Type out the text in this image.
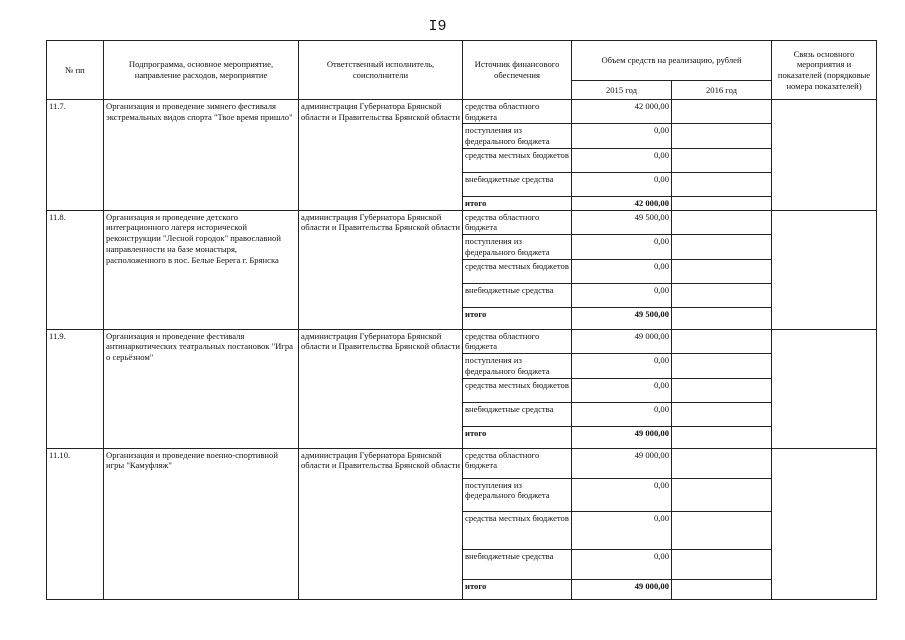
I9
№ пп	Подпрограмма, основное мероприятие, направление расходов, мероприятие	Ответственный исполнитель, соисполнители	Источник финансового обеспечения	Объем средств на реализацию, рублей		Связь основного мероприятия и показателей (порядковые номера показателей)
				2015 год	2016 год	
11.7.	Организация и проведение зимнего фестиваля экстремальных видов спорта "Твое время пришло"	администрация Губернатора Брянской области и Правительства Брянской области	средства областного бюджета	42 000,00		
			поступления из федерального бюджета	0,00		
			средства местных бюджетов	0,00		
			внебюджетные средства	0,00		
			итого	42 000,00		
11.8.	Организация и проведение детского интеграционного лагеря исторической реконструкции "Лесной городок" православной направленности на базе монастыря, расположенного в пос. Белые Берега г. Брянска	администрация Губернатора Брянской области и Правительства Брянской области	средства областного бюджета	49 500,00		
			поступления из федерального бюджета	0,00		
			средства местных бюджетов	0,00		
			внебюджетные средства	0,00		
			итого	49 500,00		
11.9.	Организация и проведение фестиваля антинаркотических театральных постановок "Игра о серьёзном"	администрация Губернатора Брянской области и Правительства Брянской области	средства областного бюджета	49 000,00		
			поступления из федерального бюджета	0,00		
			средства местных бюджетов	0,00		
			внебюджетные средства	0,00		
			итого	49 000,00		
11.10.	Организация и проведение военно-спортивной игры "Камуфляж"	администрация Губернатора Брянской области и Правительства Брянской области	средства областного бюджета	49 000,00		
			поступления из федерального бюджета	0,00		
			средства местных бюджетов	0,00		
			внебюджетные средства	0,00		
			итого	49 000,00		
